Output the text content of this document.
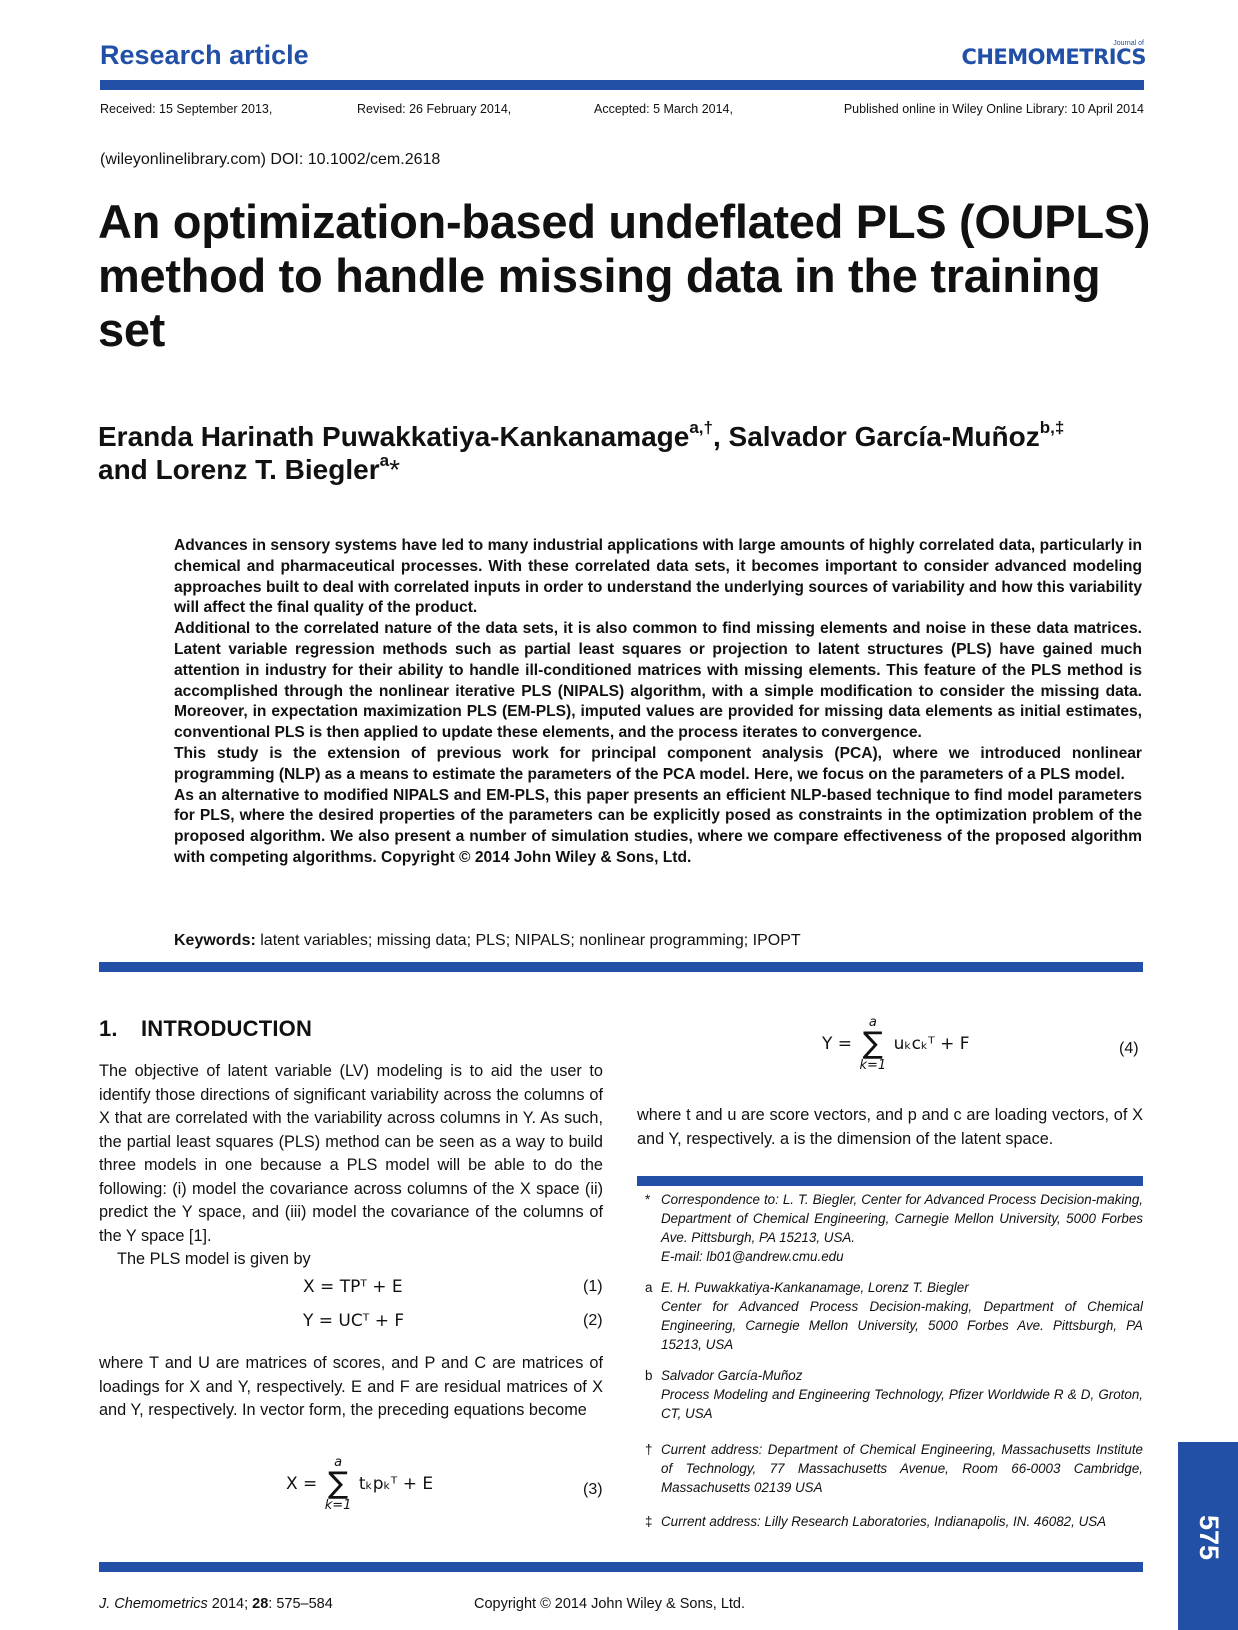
Research article	Journal of
CHEMOMETRICS
Received: 15 September 2013,	Revised: 26 February 2014,	Accepted: 5 March 2014,	Published online in Wiley Online Library: 10 April 2014
(wileyonlinelibrary.com) DOI: 10.1002/cem.2618
An optimization-based undeflated PLS (OUPLS) method to handle missing data in the training set
Eranda Harinath Puwakkatiya-Kankanamage$^{a,\dagger}$, Salvador García-Muñoz$^{b,\ddagger}$
and Lorenz T. Biegler$^a$*

Advances in sensory systems have led to many industrial applications with large amounts of highly correlated data, particularly in chemical and pharmaceutical processes. With these correlated data sets, it becomes important to consider advanced modeling approaches built to deal with correlated inputs in order to understand the underlying sources of variability and how this variability will affect the final quality of the product.

Additional to the correlated nature of the data sets, it is also common to find missing elements and noise in these data matrices. Latent variable regression methods such as partial least squares or projection to latent structures (PLS) have gained much attention in industry for their ability to handle ill-conditioned matrices with missing elements. This feature of the PLS method is accomplished through the nonlinear iterative PLS (NIPALS) algorithm, with a simple modification to consider the missing data. Moreover, in expectation maximization PLS (EM-PLS), imputed values are provided for missing data elements as initial estimates, conventional PLS is then applied to update these elements, and the process iterates to convergence.

This study is the extension of previous work for principal component analysis (PCA), where we introduced nonlinear programming (NLP) as a means to estimate the parameters of the PCA model. Here, we focus on the parameters of a PLS model.

As an alternative to modified NIPALS and EM-PLS, this paper presents an efficient NLP-based technique to find model parameters for PLS, where the desired properties of the parameters can be explicitly posed as constraints in the optimization problem of the proposed algorithm. We also present a number of simulation studies, where we compare effectiveness of the proposed algorithm with competing algorithms. Copyright © 2014 John Wiley & Sons, Ltd.

Keywords: latent variables; missing data; PLS; NIPALS; nonlinear programming; IPOPT
1. INTRODUCTION

The objective of latent variable (LV) modeling is to aid the user to identify those directions of significant variability across the columns of X that are correlated with the variability across columns in Y. As such, the partial least squares (PLS) method can be seen as a way to build three models in one because a PLS model will be able to do the following: (i) model the covariance across columns of the X space (ii) predict the Y space, and (iii) model the covariance of the columns of the Y space [1].

The PLS model is given by

X = TPᵀ + E	(1)
Y = UCᵀ + F	(2)

where T and U are matrices of scores, and P and C are matrices of loadings for X and Y, respectively. E and F are residual matrices of X and Y, respectively. In vector form, the preceding equations become

X =
a
∑
k=1
tₖpₖᵀ + E	(3)
Y =
a
∑
k=1
uₖcₖᵀ + F	(4)

where t and u are score vectors, and p and c are loading vectors, of X and Y, respectively. a is the dimension of the latent space.

* Correspondence to: L. T. Biegler, Center for Advanced Process Decision-making, Department of Chemical Engineering, Carnegie Mellon University, 5000 Forbes Ave. Pittsburgh, PA 15213, USA.
E-mail: lb01@andrew.cmu.edu
a E. H. Puwakkatiya-Kankanamage, Lorenz T. Biegler
Center for Advanced Process Decision-making, Department of Chemical Engineering, Carnegie Mellon University, 5000 Forbes Ave. Pittsburgh, PA 15213, USA
b Salvador García-Muñoz
Process Modeling and Engineering Technology, Pfizer Worldwide R & D, Groton, CT, USA
† Current address: Department of Chemical Engineering, Massachusetts Institute of Technology, 77 Massachusetts Avenue, Room 66-0003 Cambridge, Massachusetts 02139 USA
‡ Current address: Lilly Research Laboratories, Indianapolis, IN. 46082, USA
J. Chemometrics 2014; 28: 575–584	Copyright © 2014 John Wiley & Sons, Ltd.
575
